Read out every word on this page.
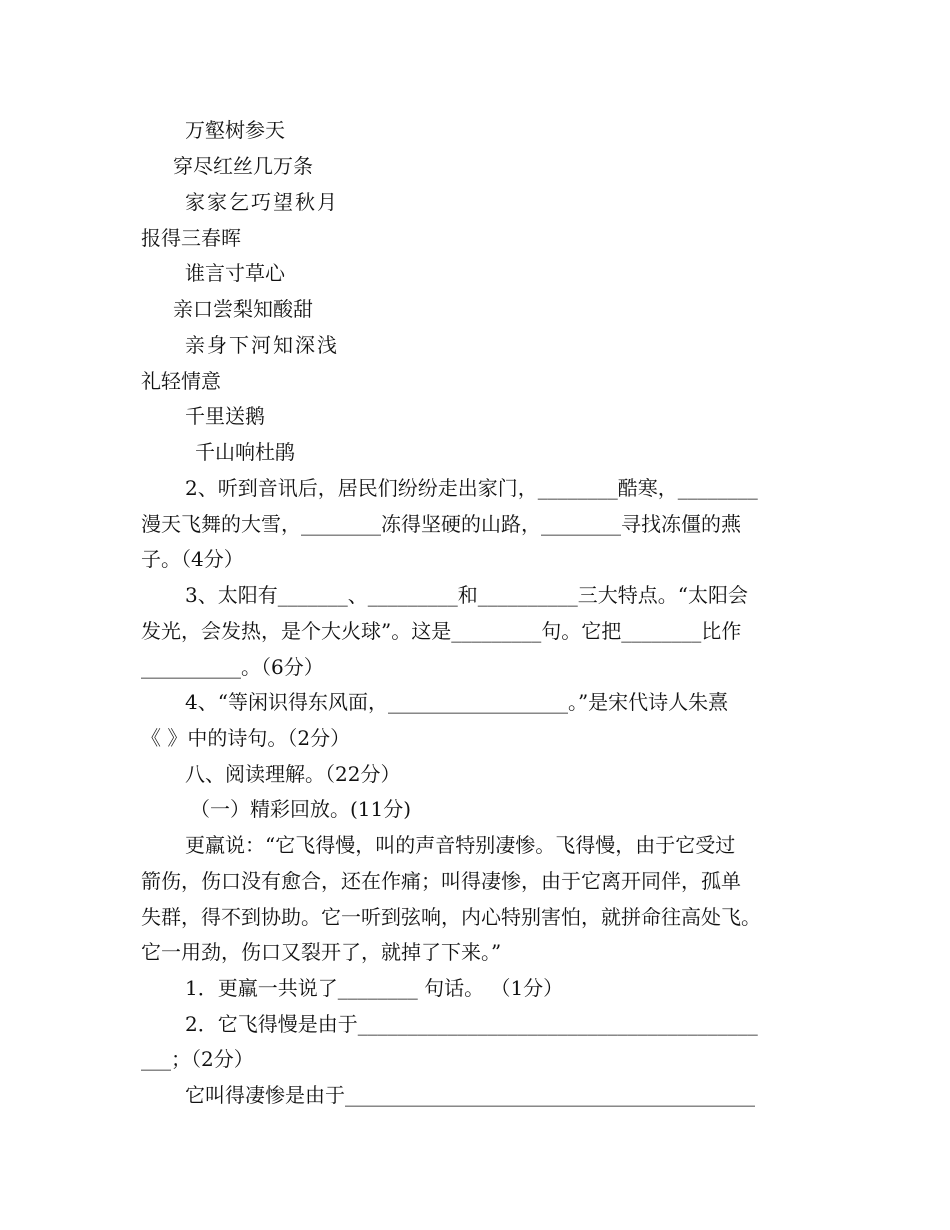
万壑树参天
穿尽红丝几万条
家家乞巧望秋月
报得三春晖
谁言寸草心
亲口尝梨知酸甜
亲身下河知深浅
礼轻情意
千里送鹅
千山响杜鹃
2、听到音讯后，居民们纷纷走出家门，________酷寒，________
漫天飞舞的大雪，________冻得坚硬的山路，________寻找冻僵的燕
子。（4分）
3、太阳有_______、_________和__________三大特点。“太阳会
发光，会发热，是个大火球”。这是_________句。它把________比作
__________。（6分）
4、“等闲识得东风面，__________________。”是宋代诗人朱熹
《 》中的诗句。（2分）
八、阅读理解。（22分）
（一）精彩回放。(11分)
更羸说：“它飞得慢，叫的声音特别凄惨。飞得慢，由于它受过
箭伤，伤口没有愈合，还在作痛；叫得凄惨，由于它离开同伴，孤单
失群，得不到协助。它一听到弦响，内心特别害怕，就拼命往高处飞。
它一用劲，伤口又裂开了，就掉了下来。”
1．更羸一共说了________ 句话。 （1分）
2．它飞得慢是由于________________________________________
___；（2分）
它叫得凄惨是由于_________________________________________
